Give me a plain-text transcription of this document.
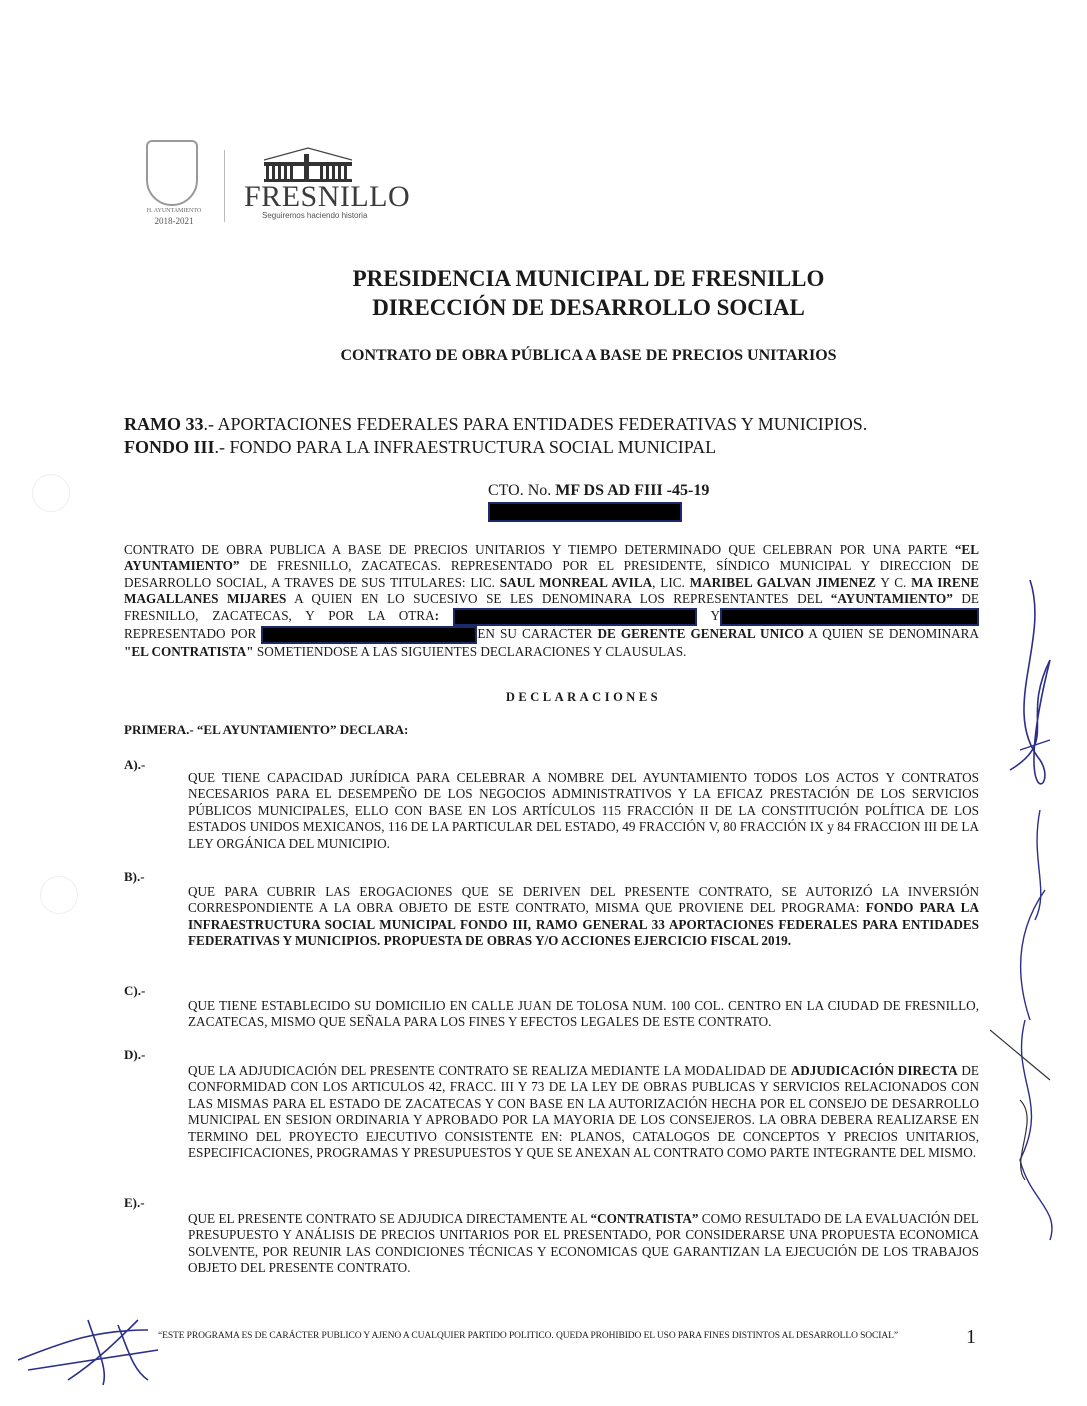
H. AYUNTAMIENTO
2018-2021
FRESNILLO
Seguiremos haciendo historia
PRESIDENCIA MUNICIPAL DE FRESNILLO
DIRECCIÓN DE DESARROLLO SOCIAL
CONTRATO DE OBRA PÚBLICA A BASE DE PRECIOS UNITARIOS
RAMO 33.- APORTACIONES FEDERALES PARA ENTIDADES FEDERATIVAS Y MUNICIPIOS.
FONDO III.- FONDO PARA LA INFRAESTRUCTURA SOCIAL MUNICIPAL
CTO. No. MF DS AD FIII -45-19
CONTRATO DE OBRA PUBLICA A BASE DE PRECIOS UNITARIOS Y TIEMPO DETERMINADO QUE CELEBRAN POR UNA PARTE “EL AYUNTAMIENTO” DE FRESNILLO, ZACATECAS. REPRESENTADO POR EL PRESIDENTE, SÍNDICO MUNICIPAL Y DIRECCION DE DESARROLLO SOCIAL, A TRAVES DE SUS TITULARES: LIC. SAUL MONREAL AVILA, LIC. MARIBEL GALVAN JIMENEZ Y C. MA IRENE MAGALLANES MIJARES A QUIEN EN LO SUCESIVO SE LES DENOMINARA LOS REPRESENTANTES DEL “AYUNTAMIENTO” DE FRESNILLO, ZACATECAS, Y POR LA OTRA:	Y REPRESENTADO POR	EN SU CARACTER DE GERENTE GENERAL UNICO A QUIEN SE DENOMINARA "EL CONTRATISTA" SOMETIENDOSE A LAS SIGUIENTES DECLARACIONES Y CLAUSULAS.
DECLARACIONES
PRIMERA.- “EL AYUNTAMIENTO” DECLARA:
A).-
QUE TIENE CAPACIDAD JURÍDICA PARA CELEBRAR A NOMBRE DEL AYUNTAMIENTO TODOS LOS ACTOS Y CONTRATOS NECESARIOS PARA EL DESEMPEÑO DE LOS NEGOCIOS ADMINISTRATIVOS Y LA EFICAZ PRESTACIÓN DE LOS SERVICIOS PÚBLICOS MUNICIPALES, ELLO CON BASE EN LOS ARTÍCULOS 115 FRACCIÓN II DE LA CONSTITUCIÓN POLÍTICA DE LOS ESTADOS UNIDOS MEXICANOS, 116 DE LA PARTICULAR DEL ESTADO, 49 FRACCIÓN V, 80 FRACCIÓN IX y 84 FRACCION III DE LA LEY ORGÁNICA DEL MUNICIPIO.
B).-
QUE PARA CUBRIR LAS EROGACIONES QUE SE DERIVEN DEL PRESENTE CONTRATO, SE AUTORIZÓ LA INVERSIÓN CORRESPONDIENTE A LA OBRA OBJETO DE ESTE CONTRATO, MISMA QUE PROVIENE DEL PROGRAMA: FONDO PARA LA INFRAESTRUCTURA SOCIAL MUNICIPAL FONDO III, RAMO GENERAL 33 APORTACIONES FEDERALES PARA ENTIDADES FEDERATIVAS Y MUNICIPIOS. PROPUESTA DE OBRAS Y/O ACCIONES EJERCICIO FISCAL 2019.
C).-
QUE TIENE ESTABLECIDO SU DOMICILIO EN CALLE JUAN DE TOLOSA NUM. 100 COL. CENTRO EN LA CIUDAD DE FRESNILLO, ZACATECAS, MISMO QUE SEÑALA PARA LOS FINES Y EFECTOS LEGALES DE ESTE CONTRATO.
D).-
QUE LA ADJUDICACIÓN DEL PRESENTE CONTRATO SE REALIZA MEDIANTE LA MODALIDAD DE ADJUDICACIÓN DIRECTA DE CONFORMIDAD CON LOS ARTICULOS 42, FRACC. III Y 73 DE LA LEY DE OBRAS PUBLICAS Y SERVICIOS RELACIONADOS CON LAS MISMAS PARA EL ESTADO DE ZACATECAS Y CON BASE EN LA AUTORIZACIÓN HECHA POR EL CONSEJO DE DESARROLLO MUNICIPAL EN SESION ORDINARIA Y APROBADO POR LA MAYORIA DE LOS CONSEJEROS. LA OBRA DEBERA REALIZARSE EN TERMINO DEL PROYECTO EJECUTIVO CONSISTENTE EN: PLANOS, CATALOGOS DE CONCEPTOS Y PRECIOS UNITARIOS, ESPECIFICACIONES, PROGRAMAS Y PRESUPUESTOS Y QUE SE ANEXAN AL CONTRATO COMO PARTE INTEGRANTE DEL MISMO.
E).-
QUE EL PRESENTE CONTRATO SE ADJUDICA DIRECTAMENTE AL “CONTRATISTA” COMO RESULTADO DE LA EVALUACIÓN DEL PRESUPUESTO Y ANÁLISIS DE PRECIOS UNITARIOS POR EL PRESENTADO, POR CONSIDERARSE UNA PROPUESTA ECONOMICA SOLVENTE, POR REUNIR LAS CONDICIONES TÉCNICAS Y ECONOMICAS QUE GARANTIZAN LA EJECUCIÓN DE LOS TRABAJOS OBJETO DEL PRESENTE CONTRATO.
“ESTE PROGRAMA ES DE CARÁCTER PUBLICO Y AJENO A CUALQUIER PARTIDO POLITICO. QUEDA PROHIBIDO EL USO PARA FINES DISTINTOS AL DESARROLLO SOCIAL”	1
